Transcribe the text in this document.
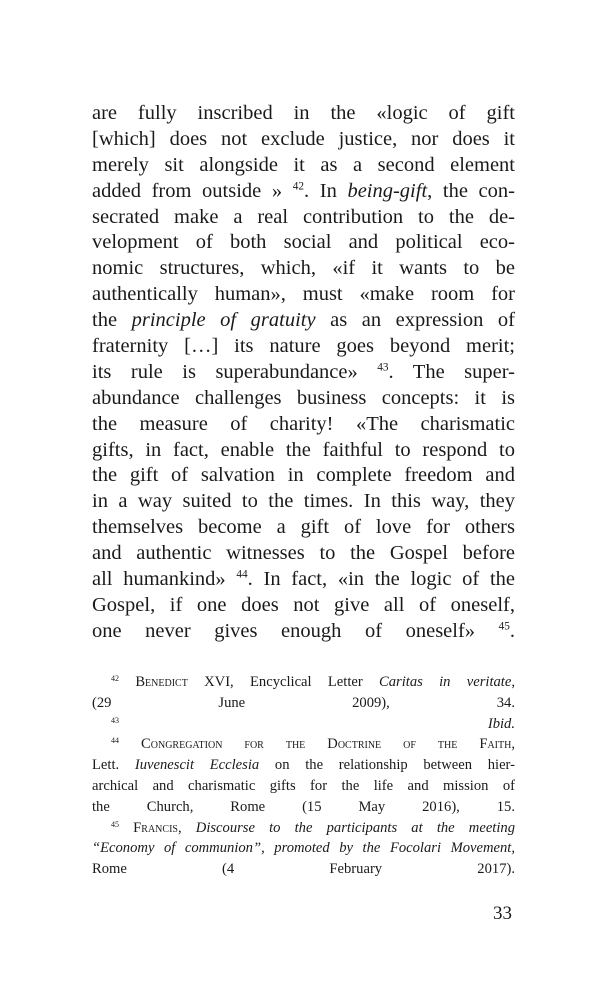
are fully inscribed in the «logic of gift
[which] does not exclude justice, nor does it
merely sit alongside it as a second element
added from outside » $^{42}$. In being-gift, the con-
secrated make a real contribution to the de-
velopment of both social and political eco-
nomic structures, which, «if it wants to be
authentically human», must «make room for
the principle of gratuity as an expression of
fraternity […] its nature goes beyond merit;
its rule is superabundance» $^{43}$. The super-
abundance challenges business concepts: it is
the measure of charity! «The charismatic
gifts, in fact, enable the faithful to respond to
the gift of salvation in complete freedom and
in a way suited to the times. In this way, they
themselves become a gift of love for others
and authentic witnesses to the Gospel before
all humankind» $^{44}$. In fact, «in the logic of the
Gospel, if one does not give all of oneself,
one never gives enough of oneself» $^{45}$.
$^{42}$ Benedict XVI, Encyclical Letter Caritas in veritate,
(29 June 2009), 34.
$^{43}$	Ibid.
$^{44}$ Congregation for the Doctrine of the Faith,
Lett. Iuvenescit Ecclesia on the relationship between hier-
archical and charismatic gifts for the life and mission of
the Church, Rome (15 May 2016), 15.
$^{45}$ Francis, Discourse to the participants at the meeting
“Economy of communion”, promoted by the Focolari Movement,
Rome (4 February 2017).
33
